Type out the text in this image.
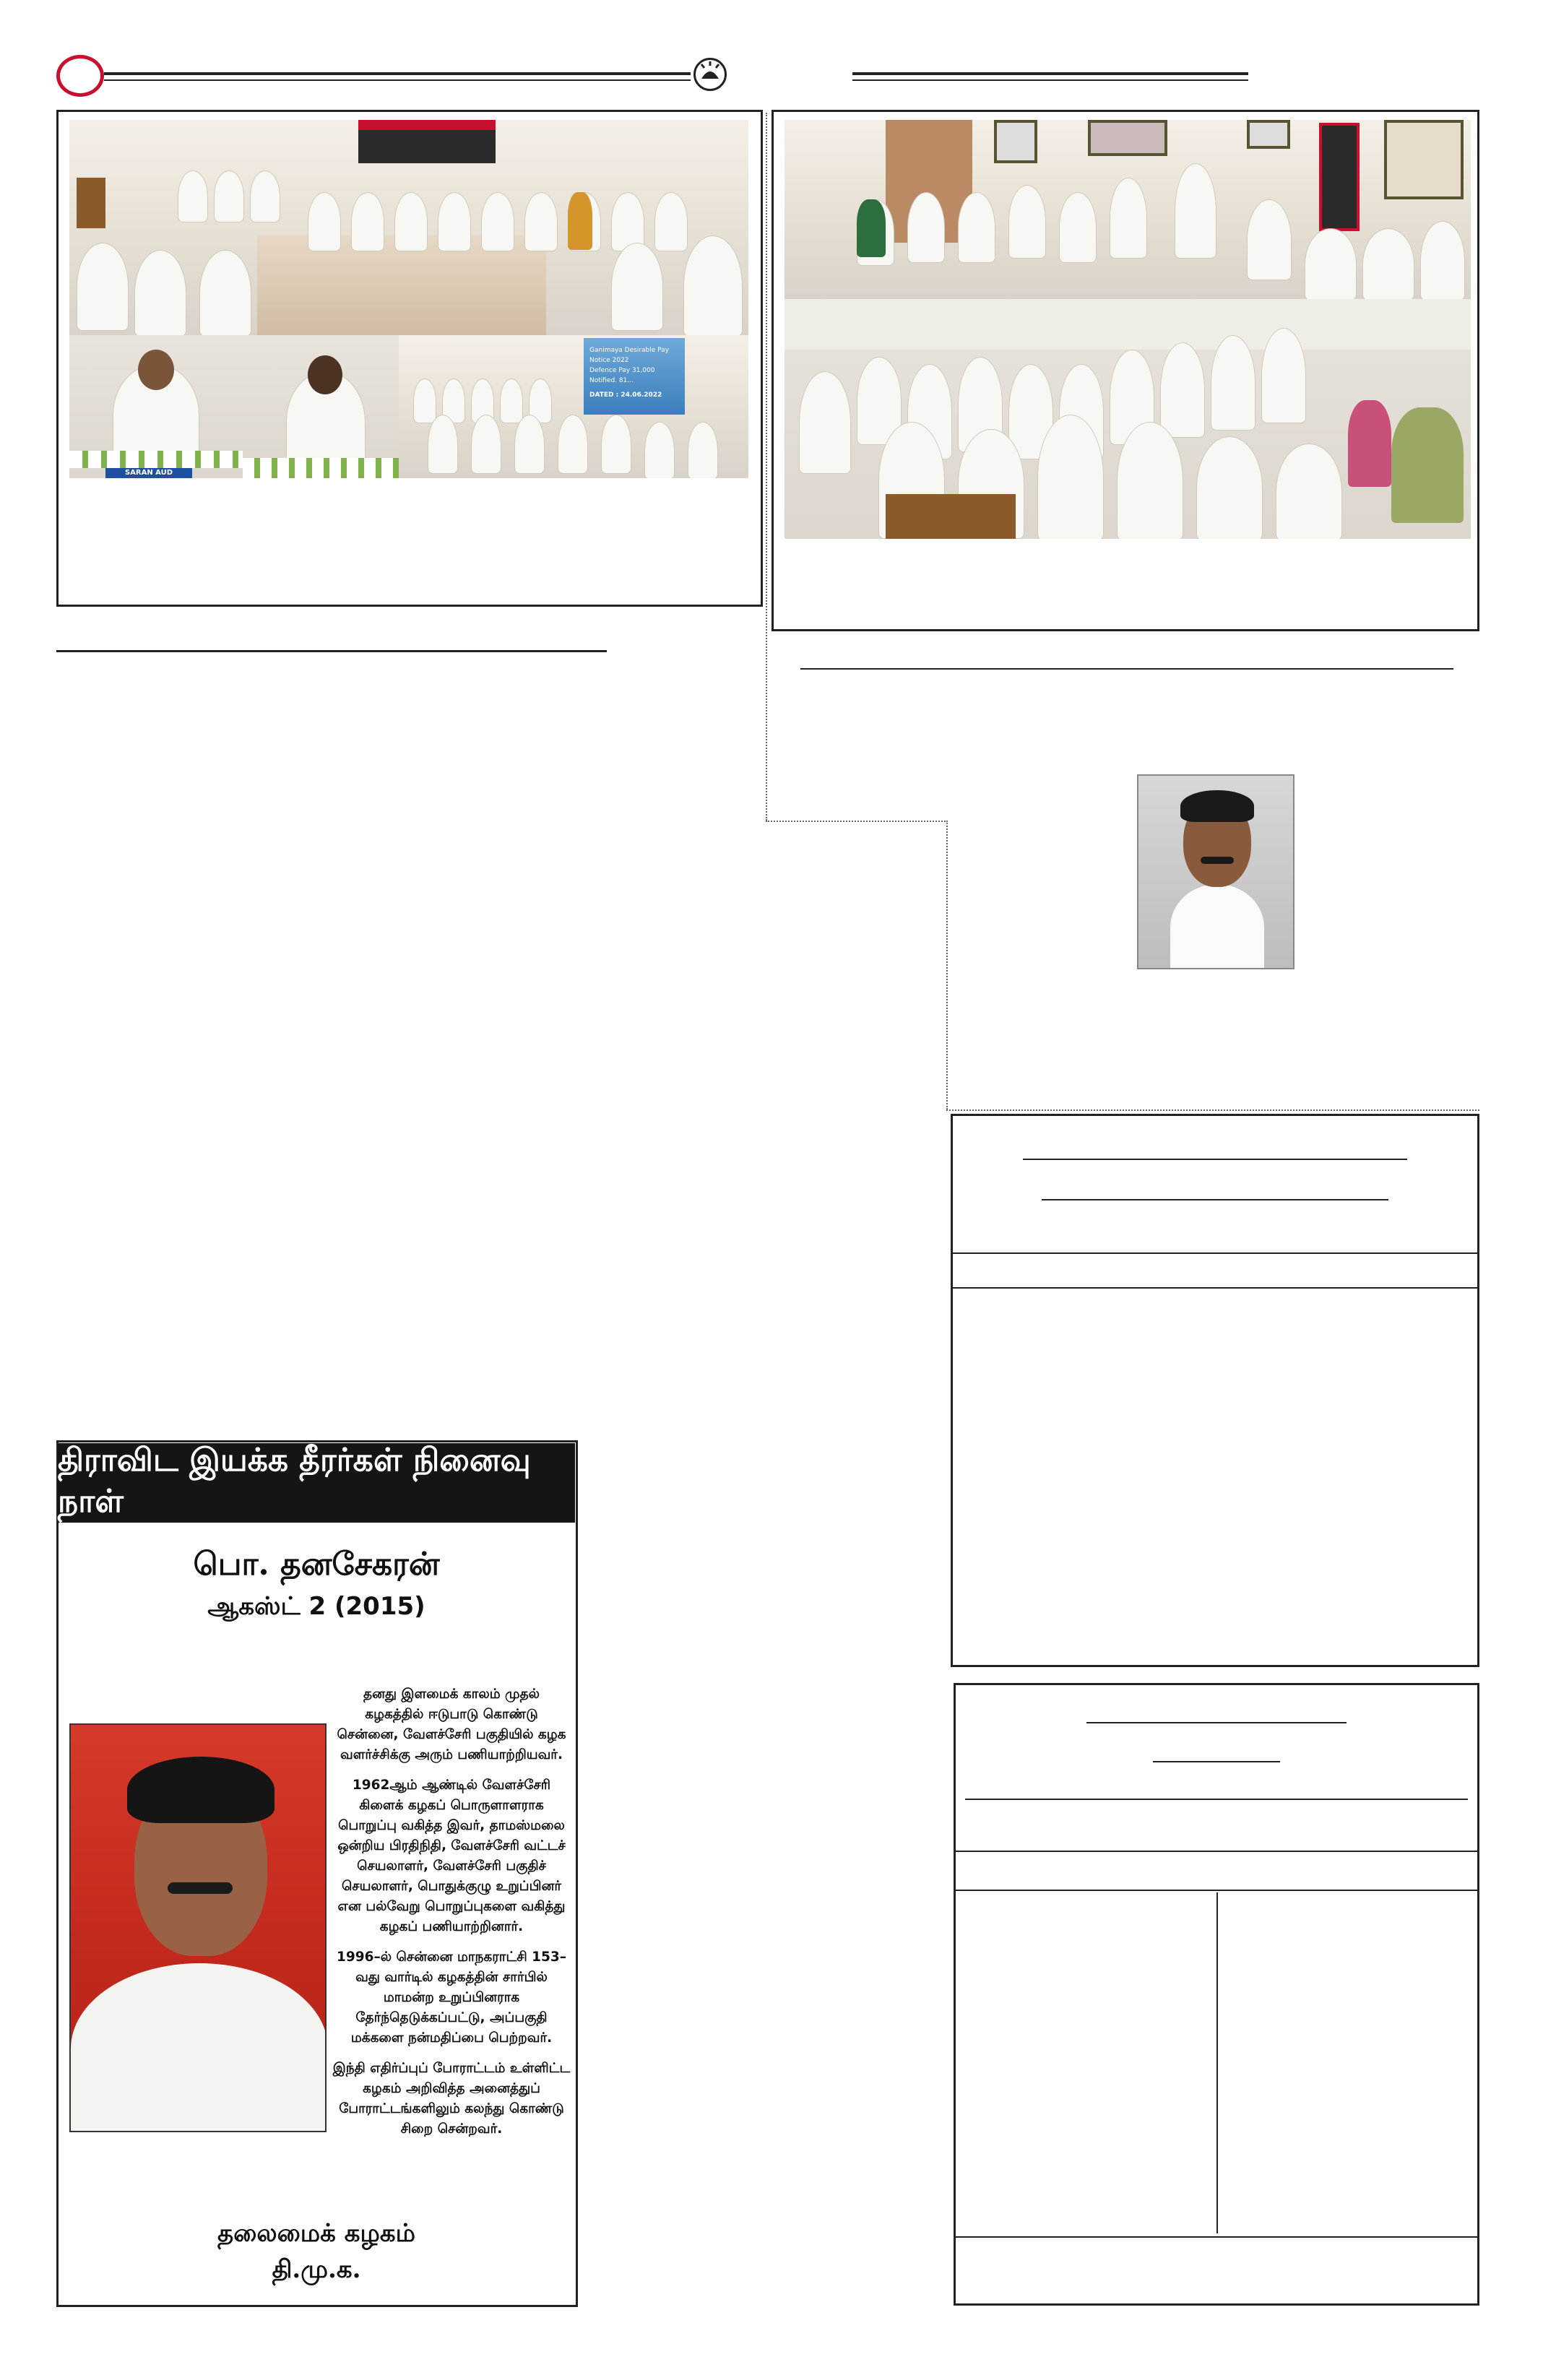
SARAN AUD
Ganimaya Desirable Pay Notice 2022
Defence Pay 31,000 Notified. 81...
DATED : 24.06.2022
திராவிட இயக்க தீரர்கள் நினைவு நாள்
பொ. தனசேகரன்
ஆகஸ்ட் 2 (2015)

தனது இளமைக் காலம் முதல் கழகத்தில் ஈடுபாடு கொண்டு சென்னை, வேளச்சேரி பகுதியில் கழக வளர்ச்சிக்கு அரும் பணியாற்றியவர்.

1962ஆம் ஆண்டில் வேளச்சேரி கிளைக் கழகப் பொருளாளராக பொறுப்பு வகித்த இவர், தாமஸ்மலை ஒன்றிய பிரதிநிதி, வேளச்சேரி வட்டச் செயலாளர், வேளச்சேரி பகுதிச் செயலாளர், பொதுக்குழு உறுப்பினர் என பல்வேறு பொறுப்புகளை வகித்து கழகப் பணியாற்றினார்.

1996–ல் சென்னை மாநகராட்சி 153–வது வார்டில் கழகத்தின் சார்பில் மாமன்ற உறுப்பினராக தேர்ந்தெடுக்கப்பட்டு, அப்பகுதி மக்களை நன்மதிப்பை பெற்றவர்.

இந்தி எதிர்ப்புப் போராட்டம் உள்ளிட்ட கழகம் அறிவித்த அனைத்துப் போராட்டங்களிலும் கலந்து கொண்டு சிறை சென்றவர்.

தலைமைக் கழகம்
தி.மு.க.
